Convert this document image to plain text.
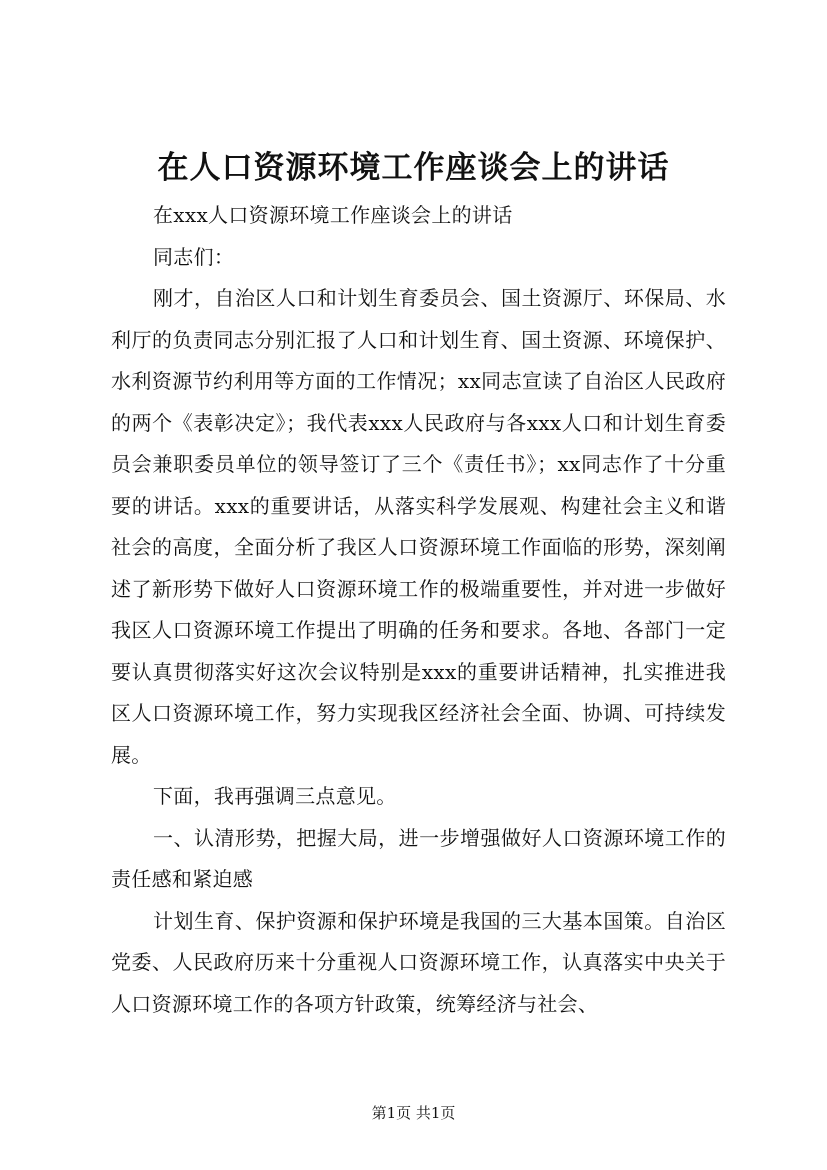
在人口资源环境工作座谈会上的讲话

在xxx人口资源环境工作座谈会上的讲话

同志们：

刚才，自治区人口和计划生育委员会、国土资源厅、环保局、水利厅的负责同志分别汇报了人口和计划生育、国土资源、环境保护、水利资源节约利用等方面的工作情况；xx同志宣读了自治区人民政府的两个《表彰决定》；我代表xxx人民政府与各xxx人口和计划生育委员会兼职委员单位的领导签订了三个《责任书》；xx同志作了十分重要的讲话。xxx的重要讲话，从落实科学发展观、构建社会主义和谐社会的高度，全面分析了我区人口资源环境工作面临的形势，深刻阐述了新形势下做好人口资源环境工作的极端重要性，并对进一步做好我区人口资源环境工作提出了明确的任务和要求。各地、各部门一定要认真贯彻落实好这次会议特别是xxx的重要讲话精神，扎实推进我区人口资源环境工作，努力实现我区经济社会全面、协调、可持续发展。

下面，我再强调三点意见。

一、认清形势，把握大局，进一步增强做好人口资源环境工作的责任感和紧迫感

计划生育、保护资源和保护环境是我国的三大基本国策。自治区党委、人民政府历来十分重视人口资源环境工作，认真落实中央关于人口资源环境工作的各项方针政策，统筹经济与社会、

第1页 共1页
